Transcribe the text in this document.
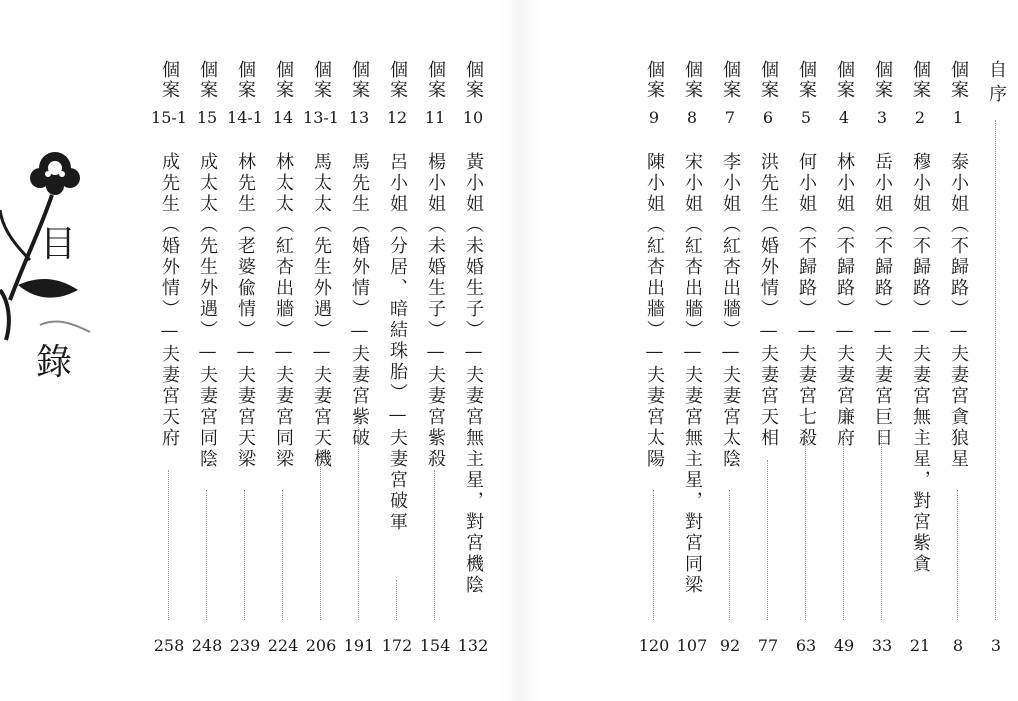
目
錄
個案
10
黃小姐（未婚生子）—夫妻宮無主星，對宮機陰
132
個案
11
楊小姐（未婚生子）—夫妻宮紫殺
154
個案
12
呂小姐（分居、暗結珠胎）—夫妻宮破軍
172
個案
13
馬先生（婚外情）—夫妻宮紫破
191
個案
13-1
馬太太（先生外遇）—夫妻宮天機
206
個案
14
林太太（紅杏出牆）—夫妻宮同梁
224
個案
14-1
林先生（老婆偸情）—夫妻宮天梁
239
個案
15
成太太（先生外遇）—夫妻宮同陰
248
個案
15-1
成先生（婚外情）—夫妻宮天府
258
自序
3
個案
1
泰小姐（不歸路）—夫妻宮貪狼星
8
個案
2
穆小姐（不歸路）—夫妻宮無主星，對宮紫貪
21
個案
3
岳小姐（不歸路）—夫妻宮巨日
33
個案
4
林小姐（不歸路）—夫妻宮廉府
49
個案
5
何小姐（不歸路）—夫妻宮七殺
63
個案
6
洪先生（婚外情）—夫妻宮天相
77
個案
7
李小姐（紅杏出牆）—夫妻宮太陰
92
個案
8
宋小姐（紅杏出牆）—夫妻宮無主星，對宮同梁
107
個案
9
陳小姐（紅杏出牆）—夫妻宮太陽
120
